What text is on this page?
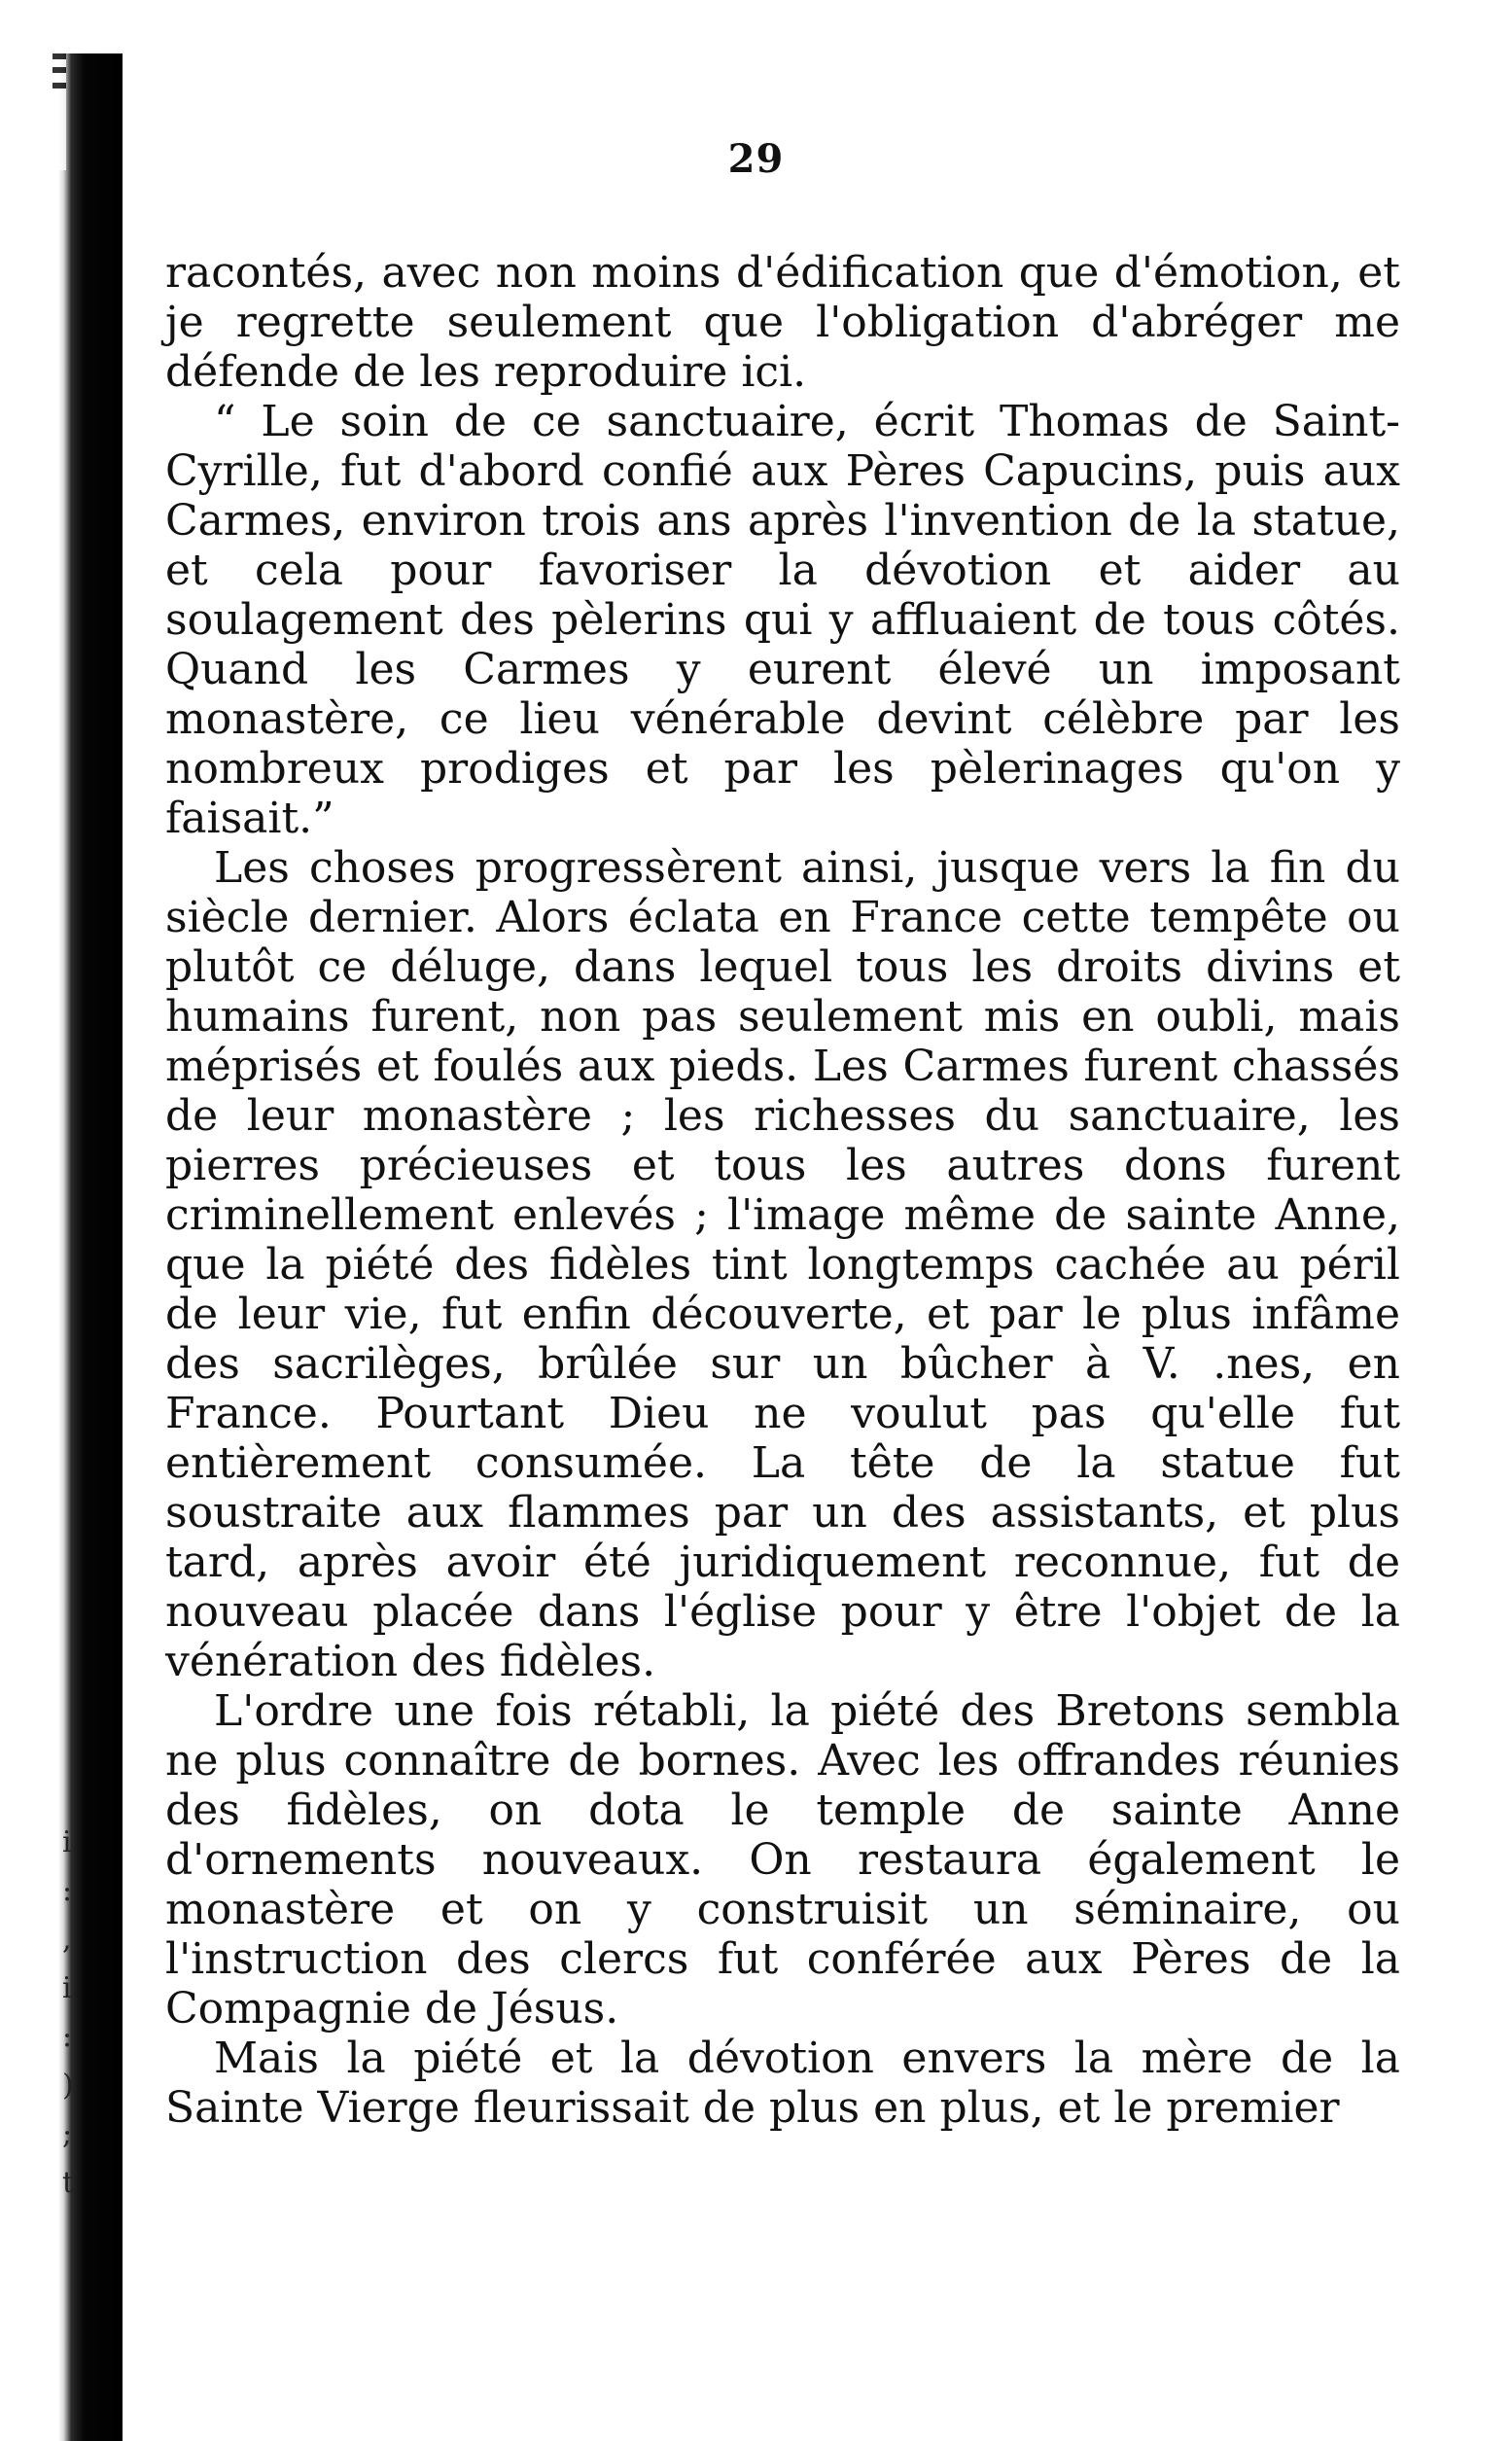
i
:
,
i
:
)
;
t
29

racontés, avec non moins d'édification que d'émotion, et je regrette seulement que l'obligation d'abréger me défende de les reproduire ici.

“ Le soin de ce sanctuaire, écrit Thomas de Saint-Cyrille, fut d'abord confié aux Pères Capucins, puis aux Carmes, environ trois ans après l'invention de la statue, et cela pour favoriser la dévotion et aider au soulagement des pèlerins qui y affluaient de tous côtés. Quand les Carmes y eurent élevé un imposant monastère, ce lieu vénérable devint célèbre par les nombreux prodiges et par les pèlerinages qu'on y faisait.”

Les choses progressèrent ainsi, jusque vers la fin du siècle dernier. Alors éclata en France cette tempête ou plutôt ce déluge, dans lequel tous les droits divins et humains furent, non pas seulement mis en oubli, mais méprisés et foulés aux pieds. Les Carmes furent chassés de leur monastère ; les richesses du sanctuaire, les pierres précieuses et tous les autres dons furent criminellement enlevés ; l'image même de sainte Anne, que la piété des fidèles tint longtemps cachée au péril de leur vie, fut enfin découverte, et par le plus infâme des sacrilèges, brûlée sur un bûcher à V. .nes, en France. Pourtant Dieu ne voulut pas qu'elle fut entièrement consumée. La tête de la statue fut soustraite aux flammes par un des assistants, et plus tard, après avoir été juridiquement reconnue, fut de nouveau placée dans l'église pour y être l'objet de la vénération des fidèles.

L'ordre une fois rétabli, la piété des Bretons sembla ne plus connaître de bornes. Avec les offrandes réunies des fidèles, on dota le temple de sainte Anne d'ornements nouveaux. On restaura également le monastère et on y construisit un séminaire, ou l'instruction des clercs fut conférée aux Pères de la Compagnie de Jésus.

Mais la piété et la dévotion envers la mère de la Sainte Vierge fleurissait de plus en plus, et le premier
